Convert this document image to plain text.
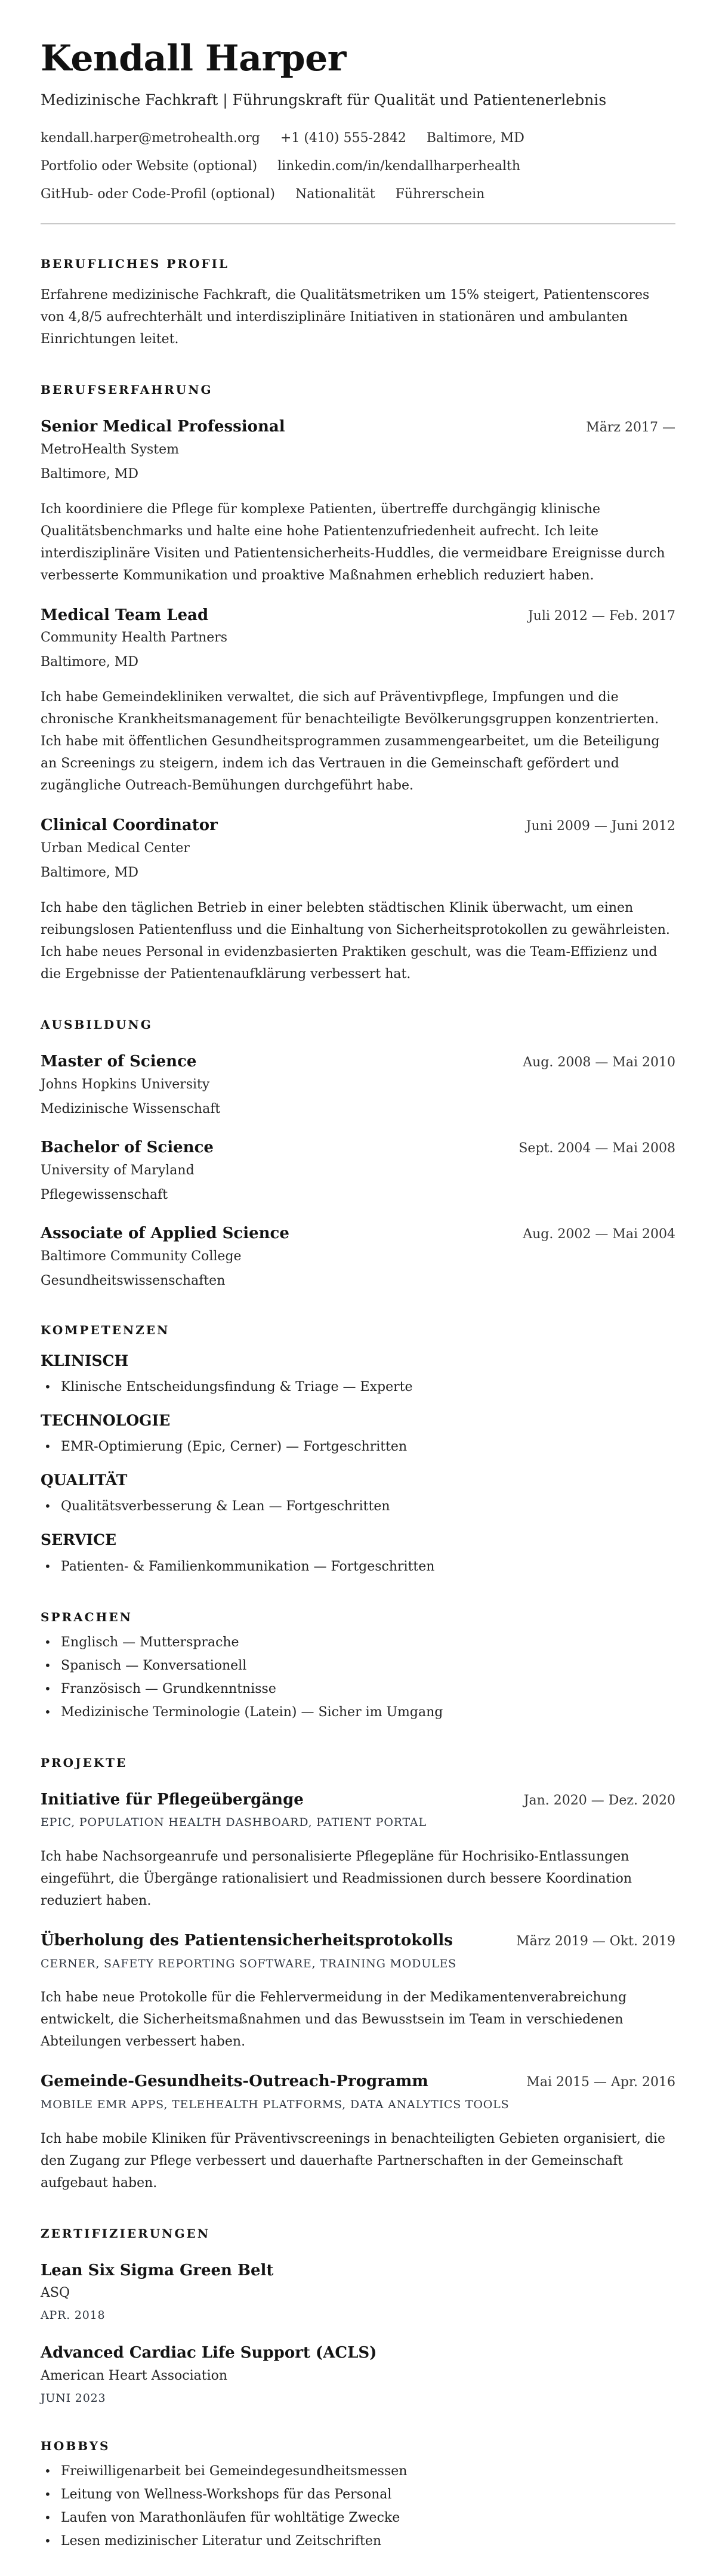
Kendall Harper
Medizinische Fachkraft | Führungskraft für Qualität und Patientenerlebnis
kendall.harper@metrohealth.org +1 (410) 555-2842 Baltimore, MD
Portfolio oder Website (optional) linkedin.com/in/kendallharperhealth
GitHub- oder Code-Profil (optional) Nationalität Führerschein
BERUFLICHES PROFIL

Erfahrene medizinische Fachkraft, die Qualitätsmetriken um 15% steigert, Patientenscores von 4,8/5 aufrechterhält und interdisziplinäre Initiativen in stationären und ambulanten Einrichtungen leitet.

BERUFSERFAHRUNG
Senior Medical Professional	März 2017 —
MetroHealth System
Baltimore, MD

Ich koordiniere die Pflege für komplexe Patienten, übertreffe durchgängig klinische Qualitätsbenchmarks und halte eine hohe Patientenzufriedenheit aufrecht. Ich leite interdisziplinäre Visiten und Patientensicherheits-Huddles, die vermeidbare Ereignisse durch verbesserte Kommunikation und proaktive Maßnahmen erheblich reduziert haben.

Medical Team Lead	Juli 2012 — Feb. 2017
Community Health Partners
Baltimore, MD

Ich habe Gemeindekliniken verwaltet, die sich auf Präventivpflege, Impfungen und die chronische Krankheitsmanagement für benachteiligte Bevölkerungsgruppen konzentrierten. Ich habe mit öffentlichen Gesundheitsprogrammen zusammengearbeitet, um die Beteiligung an Screenings zu steigern, indem ich das Vertrauen in die Gemeinschaft gefördert und zugängliche Outreach-Bemühungen durchgeführt habe.

Clinical Coordinator	Juni 2009 — Juni 2012
Urban Medical Center
Baltimore, MD

Ich habe den täglichen Betrieb in einer belebten städtischen Klinik überwacht, um einen reibungslosen Patientenfluss und die Einhaltung von Sicherheitsprotokollen zu gewährleisten. Ich habe neues Personal in evidenzbasierten Praktiken geschult, was die Team-Effizienz und die Ergebnisse der Patientenaufklärung verbessert hat.

AUSBILDUNG
Master of Science	Aug. 2008 — Mai 2010
Johns Hopkins University
Medizinische Wissenschaft
Bachelor of Science	Sept. 2004 — Mai 2008
University of Maryland
Pflegewissenschaft
Associate of Applied Science	Aug. 2002 — Mai 2004
Baltimore Community College
Gesundheitswissenschaften
KOMPETENZEN
KLINISCH
• Klinische Entscheidungsfindung & Triage — Experte
TECHNOLOGIE
• EMR-Optimierung (Epic, Cerner) — Fortgeschritten
QUALITÄT
• Qualitätsverbesserung & Lean — Fortgeschritten
SERVICE
• Patienten- & Familienkommunikation — Fortgeschritten
SPRACHEN
• Englisch — Muttersprache
• Spanisch — Konversationell
• Französisch — Grundkenntnisse
• Medizinische Terminologie (Latein) — Sicher im Umgang
PROJEKTE
Initiative für Pflegeübergänge	Jan. 2020 — Dez. 2020
EPIC, POPULATION HEALTH DASHBOARD, PATIENT PORTAL

Ich habe Nachsorgeanrufe und personalisierte Pflegepläne für Hochrisiko-Entlassungen eingeführt, die Übergänge rationalisiert und Readmissionen durch bessere Koordination reduziert haben.

Überholung des Patientensicherheitsprotokolls	März 2019 — Okt. 2019
CERNER, SAFETY REPORTING SOFTWARE, TRAINING MODULES

Ich habe neue Protokolle für die Fehlervermeidung in der Medikamentenverabreichung entwickelt, die Sicherheitsmaßnahmen und das Bewusstsein im Team in verschiedenen Abteilungen verbessert haben.

Gemeinde-Gesundheits-Outreach-Programm	Mai 2015 — Apr. 2016
MOBILE EMR APPS, TELEHEALTH PLATFORMS, DATA ANALYTICS TOOLS

Ich habe mobile Kliniken für Präventivscreenings in benachteiligten Gebieten organisiert, die den Zugang zur Pflege verbessert und dauerhafte Partnerschaften in der Gemeinschaft aufgebaut haben.

ZERTIFIZIERUNGEN
Lean Six Sigma Green Belt
ASQ
APR. 2018
Advanced Cardiac Life Support (ACLS)
American Heart Association
JUNI 2023
HOBBYS
• Freiwilligenarbeit bei Gemeindegesundheitsmessen
• Leitung von Wellness-Workshops für das Personal
• Laufen von Marathonläufen für wohltätige Zwecke
• Lesen medizinischer Literatur und Zeitschriften
